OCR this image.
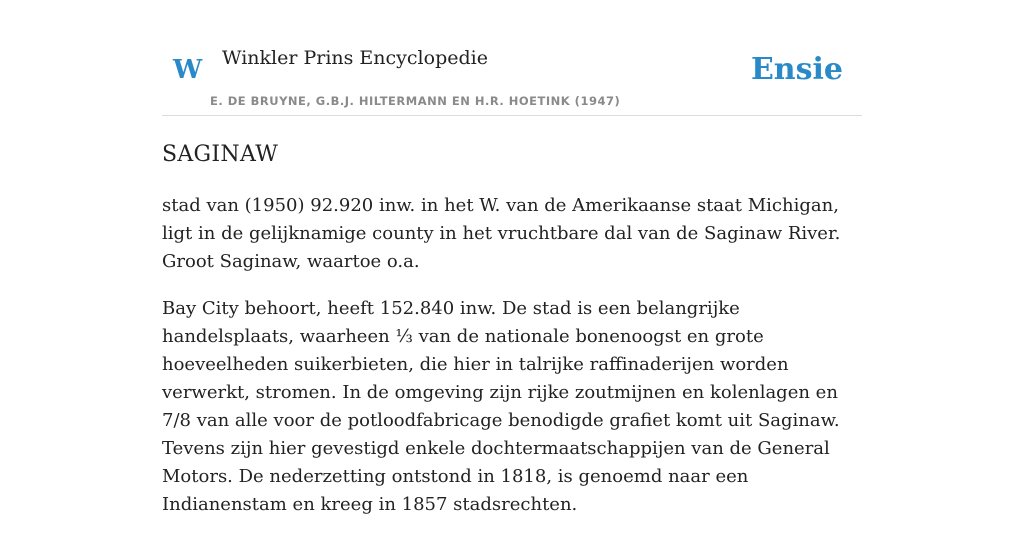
W Winkler Prins Encyclopedie
E. DE BRUYNE, G.B.J. HILTERMANN EN H.R. HOETINK (1947)
Ensie
SAGINAW

stad van (1950) 92.920 inw. in het W. van de Amerikaanse staat Michigan, ligt in de gelijknamige county in het vruchtbare dal van de Saginaw River. Groot Saginaw, waartoe o.a.

Bay City behoort, heeft 152.840 inw. De stad is een belangrijke handelsplaats, waarheen ⅓ van de nationale bonenoogst en grote hoeveelheden suikerbieten, die hier in talrijke raffinaderijen worden verwerkt, stromen. In de omgeving zijn rijke zoutmijnen en kolenlagen en 7/8 van alle voor de potloodfabricage benodigde grafiet komt uit Saginaw. Tevens zijn hier gevestigd enkele dochtermaatschappijen van de General Motors. De nederzetting ontstond in 1818, is genoemd naar een Indianenstam en kreeg in 1857 stadsrechten.
